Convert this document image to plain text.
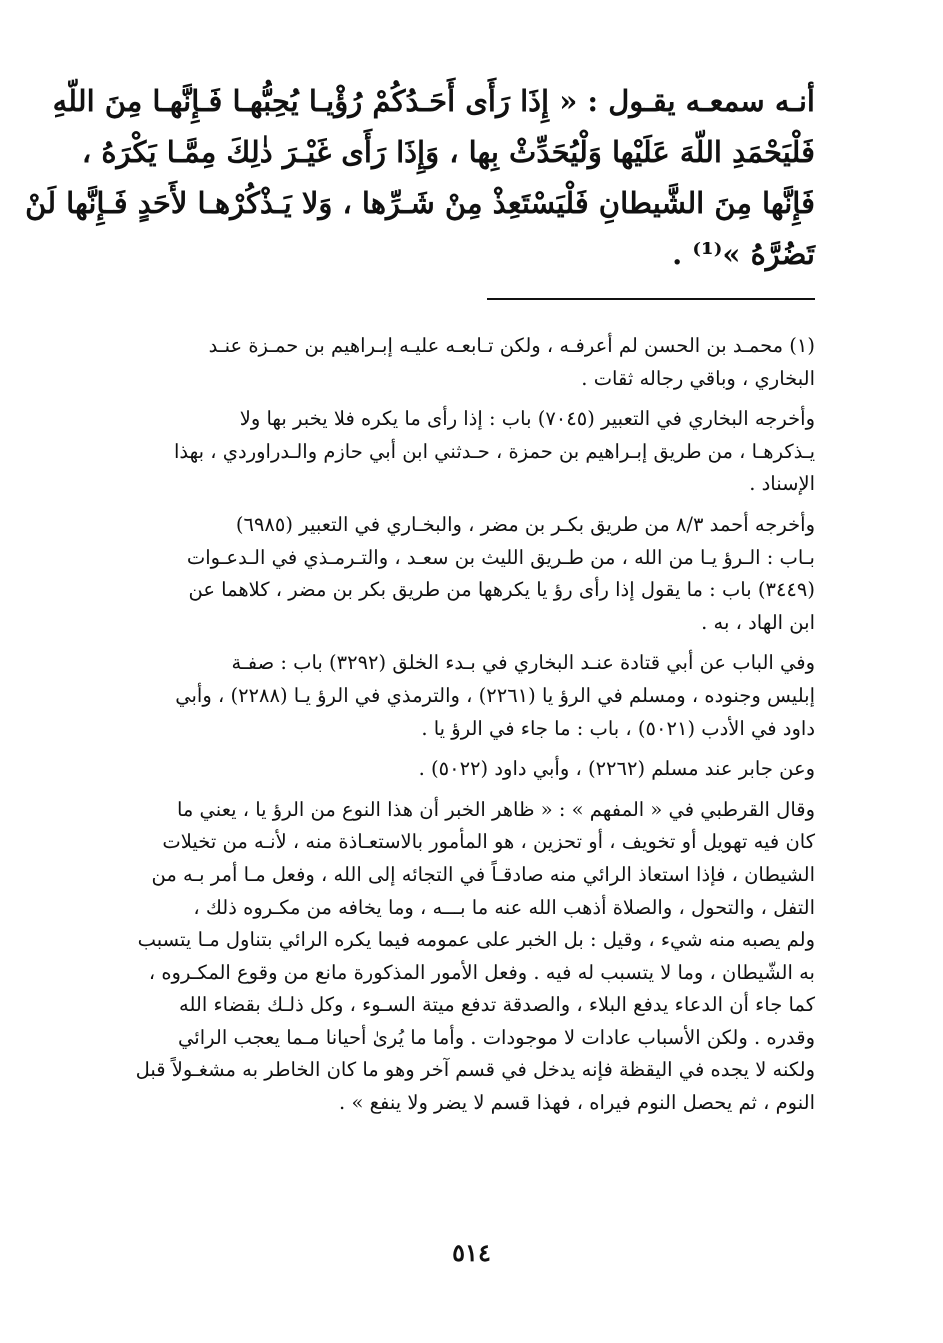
أنـه سمعـه يقـول : « إِذَا رَأَى أَحَـدُكُمْ رُؤْيـا يُحِبُّهـا فَـإِنَّهـا مِنَ اللّهِ
فَلْيَحْمَدِ اللّهَ عَلَيْها وَلْيُحَدِّثْ بِها ، وَإِذَا رَأَى غَيْـرَ ذٰلِكَ مِمَّـا يَكْرَهُ ،
فَإِنَّها مِنَ الشَّيطانِ فَلْيَسْتَعِذْ مِنْ شَـرِّها ، وَلا يَـذْكُرْهـا لأَحَدٍ فَـإِنَّها لَنْ
تَضُرَّهُ »⁽¹⁾ .

(١) محمـد بن الحسن لم أعرفـه ، ولكن تـابعـه عليـه إبـراهيم بن حمـزة عنـد
البخاري ، وباقي رجاله ثقات .

وأخرجه البخاري في التعبير (٧٠٤٥) باب : إذا رأى ما يكره فلا يخبر بها ولا
يـذكرهـا ، من طريق إبـراهيم بن حمزة ، حـدثني ابن أبي حازم والـدراوردي ، بهذا
الإسناد .

وأخرجه أحمد ٨/٣ من طريق بكـر بن مضر ، والبخـاري في التعبير (٦٩٨٥)
بـاب : الـرؤ يـا من الله ، من طـريق الليث بن سعـد ، والتـرمـذي في الـدعـوات
(٣٤٤٩) باب : ما يقول إذا رأى رؤ يا يكرهها من طريق بكر بن مضر ، كلاهما عن
ابن الهاد ، به .

وفي الباب عن أبي قتادة عنـد البخاري في بـدء الخلق (٣٢٩٢) باب : صفـة
إبليس وجنوده ، ومسلم في الرؤ يا (٢٢٦١) ، والترمذي في الرؤ يـا (٢٢٨٨) ، وأبي
داود في الأدب (٥٠٢١) ، باب : ما جاء في الرؤ يا .

وعن جابر عند مسلم (٢٢٦٢) ، وأبي داود (٥٠٢٢) .

وقال القرطبي في « المفهم » : « ظاهر الخبر أن هذا النوع من الرؤ يا ، يعني ما
كان فيه تهويل أو تخويف ، أو تحزين ، هو المأمور بالاستعـاذة منه ، لأنـه من تخيلات
الشيطان ، فإذا استعاذ الرائي منه صادقـاً في التجائه إلى الله ، وفعل مـا أمر بـه من
التفل ، والتحول ، والصلاة أذهب الله عنه ما بـــه ، وما يخافه من مكـروه ذلك ،
ولم يصبه منه شيء ، وقيل : بل الخبر على عمومه فيما يكره الرائي بتناول مـا يتسبب
به الشّيطان ، وما لا يتسبب له فيه . وفعل الأمور المذكورة مانع من وقوع المكـروه ،
كما جاء أن الدعاء يدفع البلاء ، والصدقة تدفع ميتة السـوء ، وكل ذلـك بقضاء الله
وقدره . ولكن الأسباب عادات لا موجودات . وأما ما يُرىٰ أحيانا مـما يعجب الرائي
ولكنه لا يجده في اليقظة فإنه يدخل في قسم آخر وهو ما كان الخاطر به مشغـولاً قبل
النوم ، ثم يحصل النوم فيراه ، فهذا قسم لا يضر ولا ينفع » .

٥١٤
